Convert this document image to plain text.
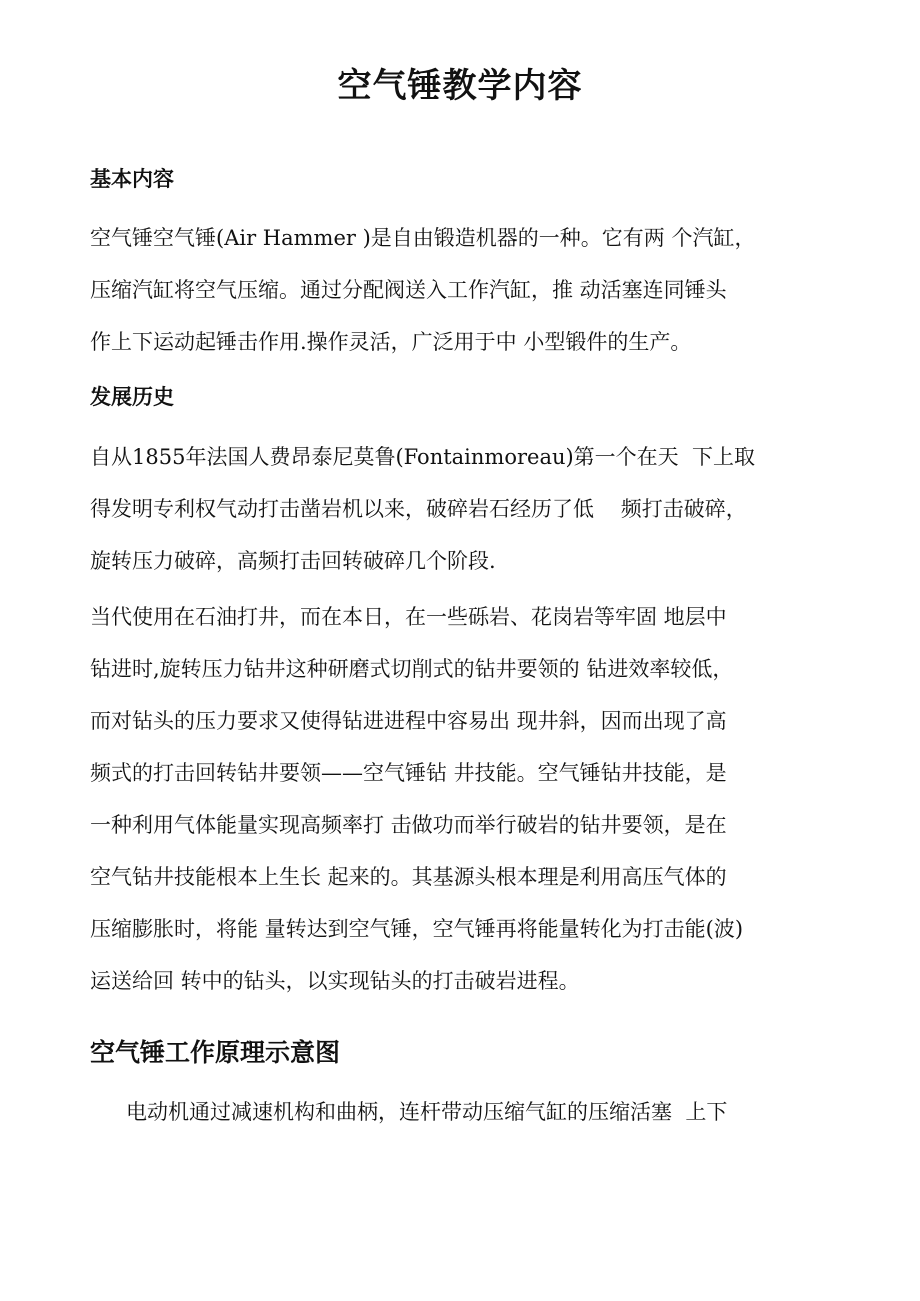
空气锤教学内容
基本内容
空气锤空气锤(Air Hammer )是自由锻造机器的一种。它有两 个汽缸，
压缩汽缸将空气压缩。通过分配阀送入工作汽缸，推 动活塞连同锤头
作上下运动起锤击作用.操作灵活，广泛用于中 小型锻件的生产。
发展历史
自从1855年法国人费昂泰尼莫鲁(Fontainmoreau)第一个在天  下上取
得发明专利权气动打击凿岩机以来，破碎岩石经历了低    频打击破碎，
旋转压力破碎，高频打击回转破碎几个阶段.
当代使用在石油打井，而在本日，在一些砾岩、花岗岩等牢固 地层中
钻进时,旋转压力钻井这种研磨式切削式的钻井要领的 钻进效率较低，
而对钻头的压力要求又使得钻进进程中容易出 现井斜，因而出现了高
频式的打击回转钻井要领——空气锤钻 井技能。空气锤钻井技能，是
一种利用气体能量实现高频率打 击做功而举行破岩的钻井要领，是在
空气钻井技能根本上生长 起来的。其基源头根本理是利用高压气体的
压缩膨胀时，将能 量转达到空气锤，空气锤再将能量转化为打击能(波)
运送给回 转中的钻头，以实现钻头的打击破岩进程。
空气锤工作原理示意图
电动机通过减速机构和曲柄，连杆带动压缩气缸的压缩活塞  上下
